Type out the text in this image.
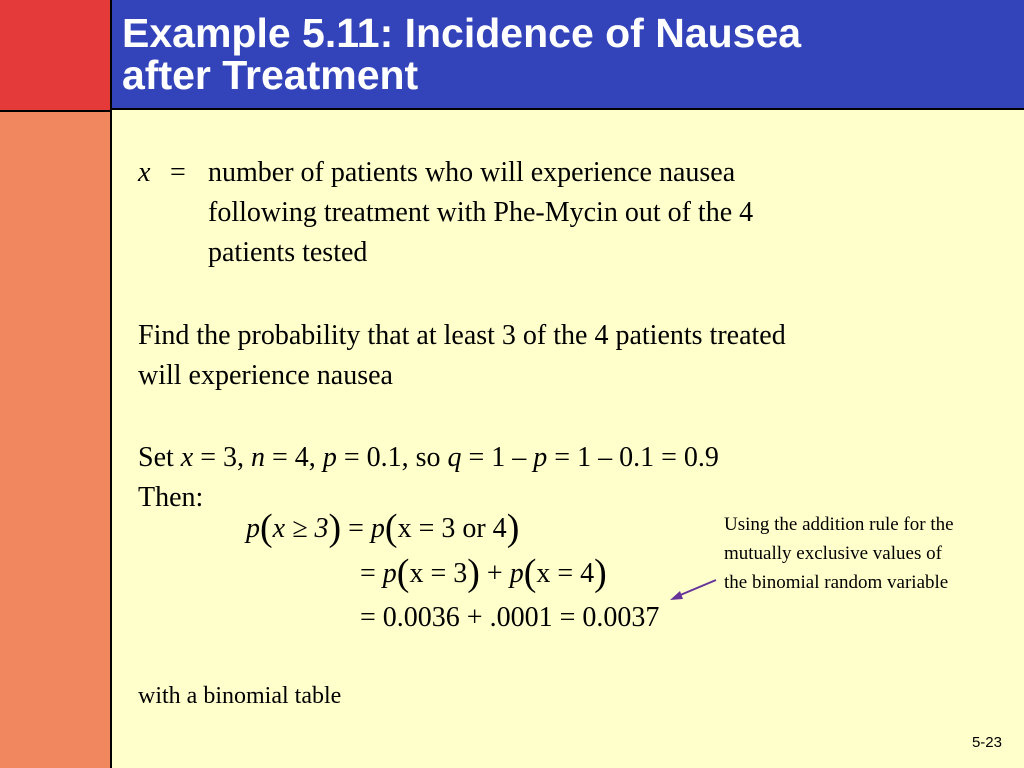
Example 5.11: Incidence of Nausea
after Treatment
x = number of patients who will experience nausea
following treatment with Phe-Mycin out of the 4
patients tested
Find the probability that at least 3 of the 4 patients treated
will experience nausea
Set x = 3, n = 4, p = 0.1, so q = 1 – p = 1 – 0.1 = 0.9
Then:
p(x ≥ 3) = p(x = 3 or 4)
= p(x = 3) + p(x = 4)
= 0.0036 + .0001 = 0.0037
Using the addition rule for the
mutually exclusive values of
the binomial random variable
with a binomial table
5-23
